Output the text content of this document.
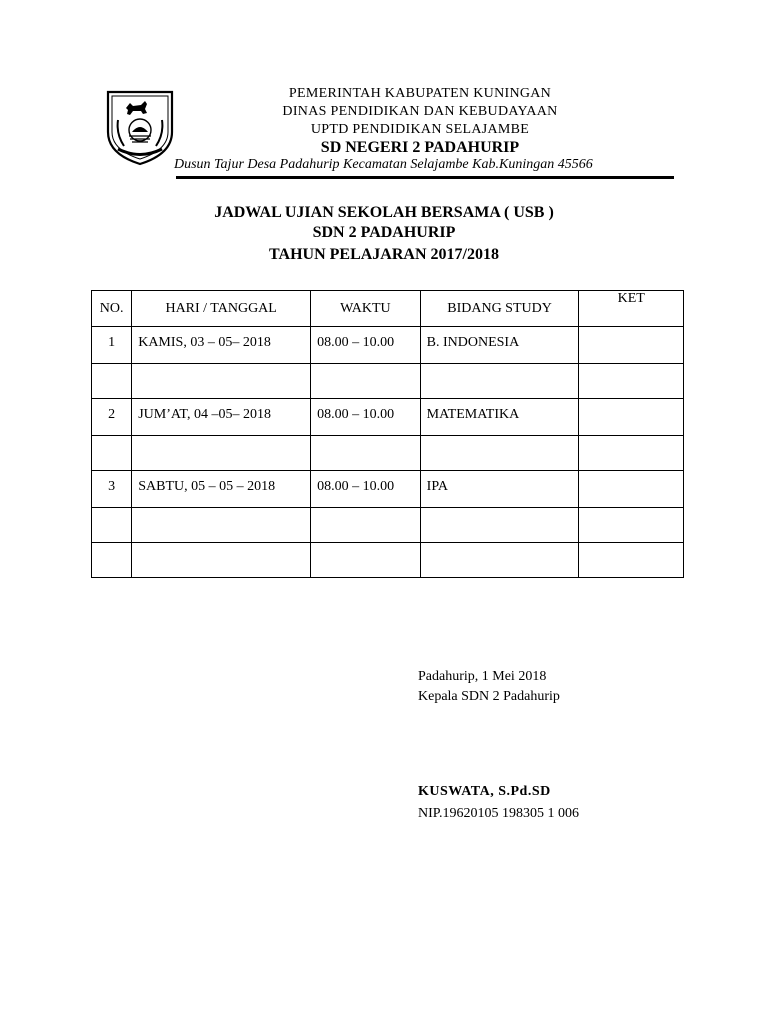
PEMERINTAH KABUPATEN KUNINGAN
DINAS PENDIDIKAN DAN KEBUDAYAAN
UPTD PENDIDIKAN SELAJAMBE
SD NEGERI 2 PADAHURIP
Dusun Tajur Desa Padahurip Kecamatan Selajambe Kab.Kuningan 45566
JADWAL UJIAN SEKOLAH BERSAMA ( USB )
SDN 2 PADAHURIP
TAHUN PELAJARAN 2017/2018
NO.	HARI / TANGGAL	WAKTU	BIDANG STUDY	KET
1	KAMIS, 03 – 05– 2018	08.00 – 10.00	B. INDONESIA	

2	JUM’AT, 04 –05– 2018	08.00 – 10.00	MATEMATIKA	

3	SABTU, 05 – 05 – 2018	08.00 – 10.00	IPA	

Padahurip, 1 Mei 2018
Kepala SDN 2 Padahurip
KUSWATA, S.Pd.SD
NIP.19620105 198305 1 006
